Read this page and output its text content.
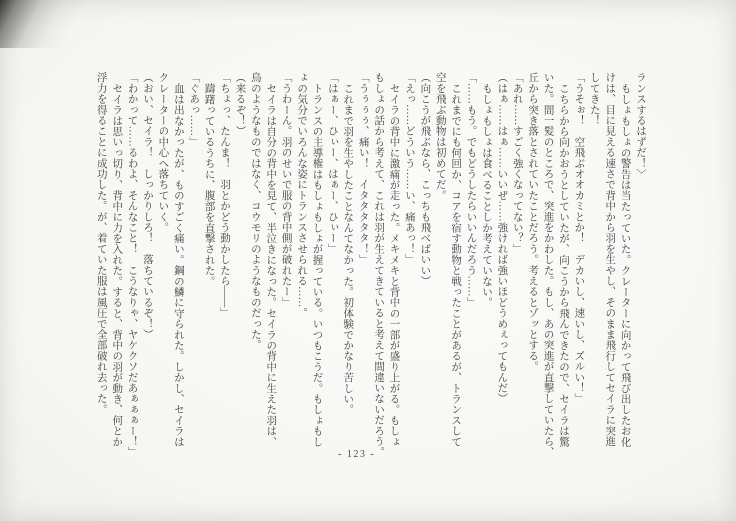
ランスするはずだ！〉
もしょもしょの警告は当たっていた。クレーターに向かって飛び出したお化
けは、目に見える速さで背中から羽を生やし、そのまま飛行してセイラに突進
してきた！
「うそぉ！　空飛ぶオオカミとか！　デカいし、速いし、ズルい！」
こちらから向かおうとしていたが、向こうから飛んできたので、セイラは驚
いた。間一髪のところで、突進をかわした。もし、あの突進が直撃していたら、
丘から突き落とされていたことだろう。考えるとゾッとする。
「あれ……すごく強くなってない？」
（はぁ……はぁ……いいぜ……強ければ強いほどうめぇってもんだ）
もしょもしょは食べることしか考えていない。
「……もう。でもどうしたらいいんだろう……」
これまでにも何回か、コアを宿す動物と戦ったことがあるが、トランスして
空を飛ぶ動物は初めてだ。
（向こうが飛ぶなら、こっちも飛べばいい）
「えっ……どういう……い、痛あっ！」
セイラの背中に激痛が走った。メキメキと背中の一部が盛り上がる。もしょ
もしょの話から考えて、これは羽が生えてきていると考えて間違いないだろう。
「うぅぅぅ、痛い！　イタタタタタ！」
これまで羽を生やしたことなんてなかった。初体験でかなり苦しい。
「はぁー、ひぃー、はぁー、ひぃー」
トランスの主導権はもしょもしょが握っている。いつもこうだ。もしょもし
ょの気分でいろんな姿にトランスさせられる……。
「うわーん。羽のせいで服の背中側が破れたー」
セイラは自分の背中を見て、半泣きになった。セイラの背中に生えた羽は、
鳥のようなものではなく、コウモリのようなものだった。
（来るぞ！）
「ちょっ、たんま！　羽とかどう動かしたら――」
躊躇っているうちに、腹部を直撃された。
「ぐあっ……」
血は出なかったが、ものすごく痛い。鋼の鱗に守られた。しかし、セイラは
クレーターの中心へ落ちていく。
（おい、セイラ！　しっかりしろ！　落ちているぞ！）
「わかって……るわよ、そんなこと！　こうなりゃ、ヤケクソだあぁぁぁー！」
セイラは思いっ切り、背中に力を入れた。すると、背中の羽が動き、何とか
浮力を得ることに成功した。が、着ていた服は風圧で全部破れ去った。
- 123 -
